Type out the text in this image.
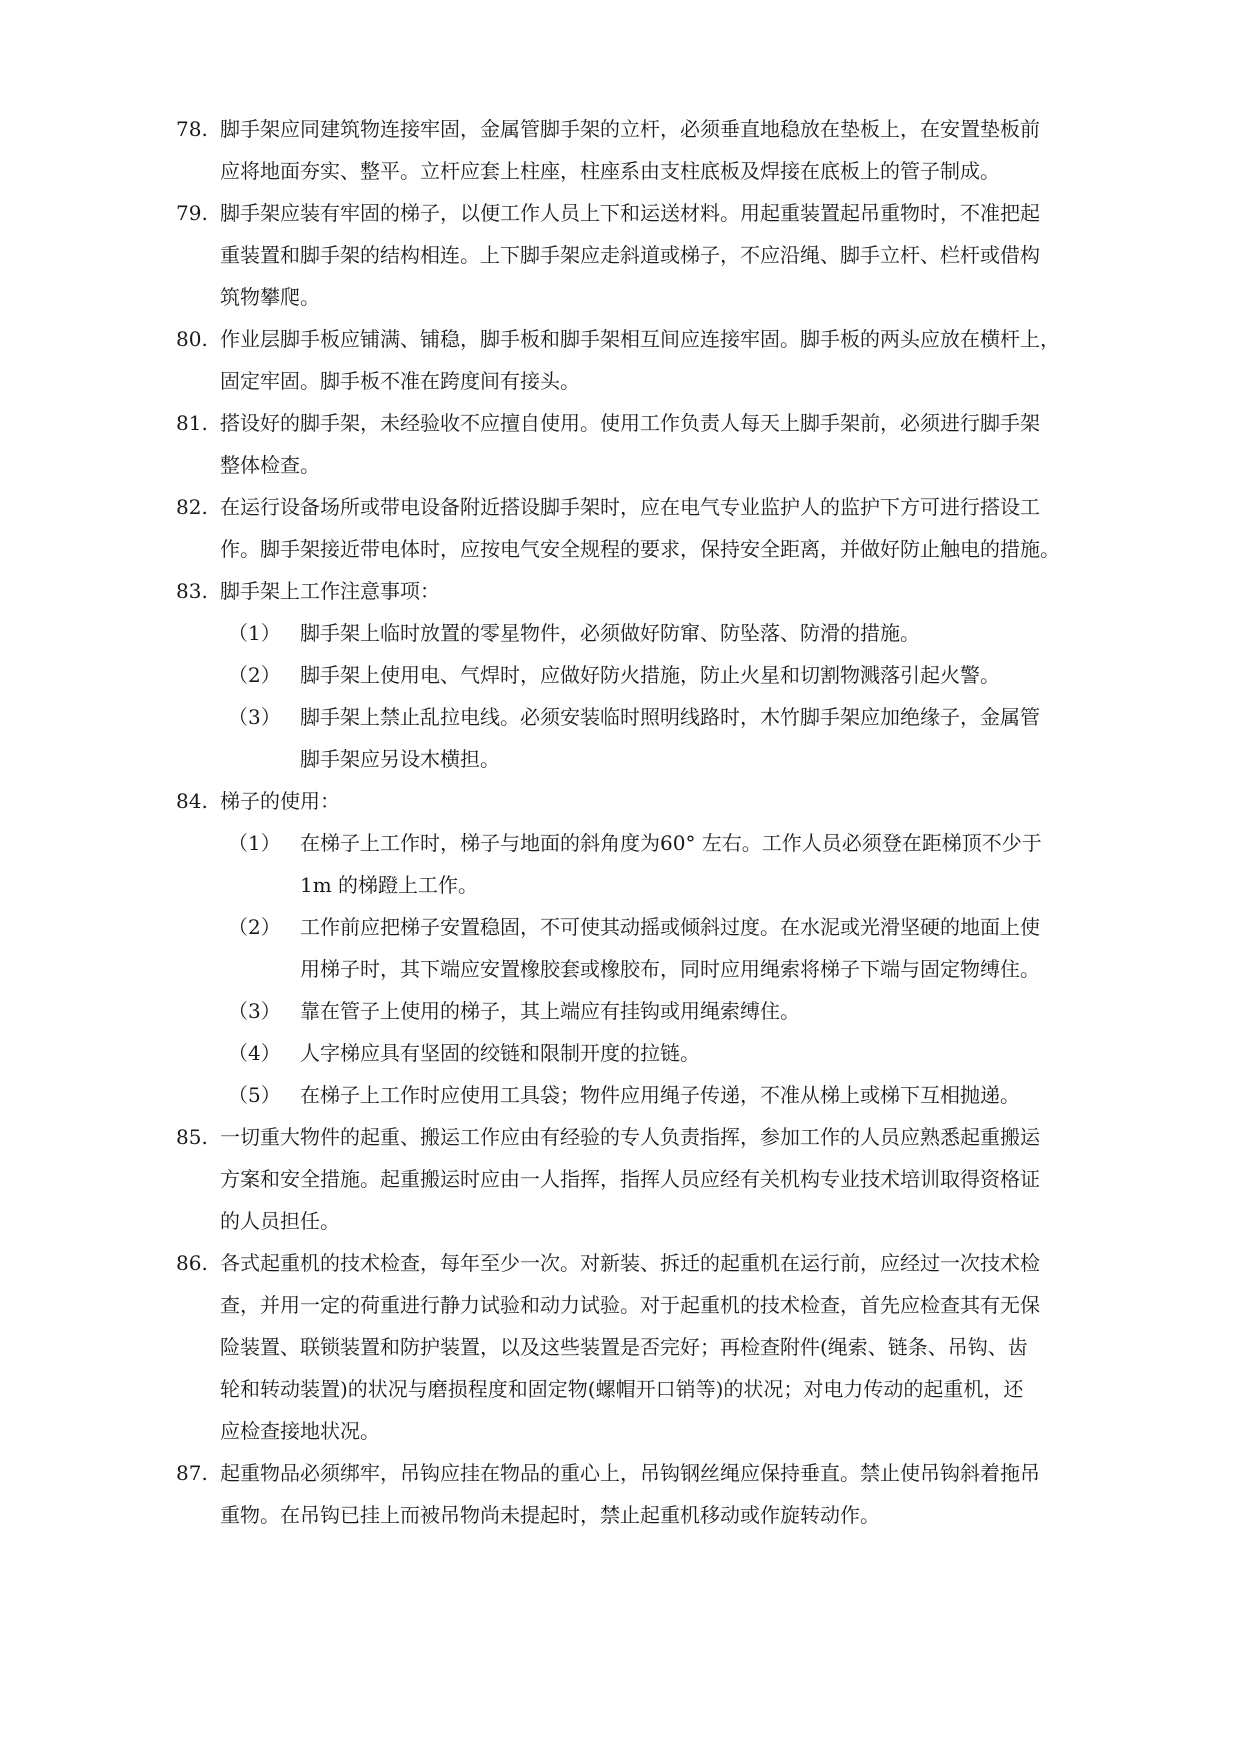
78. 脚手架应同建筑物连接牢固，金属管脚手架的立杆，必须垂直地稳放在垫板上，在安置垫板前
应将地面夯实、整平。立杆应套上柱座，柱座系由支柱底板及焊接在底板上的管子制成。
79. 脚手架应装有牢固的梯子，以便工作人员上下和运送材料。用起重装置起吊重物时，不准把起
重装置和脚手架的结构相连。上下脚手架应走斜道或梯子，不应沿绳、脚手立杆、栏杆或借构
筑物攀爬。
80. 作业层脚手板应铺满、铺稳，脚手板和脚手架相互间应连接牢固。脚手板的两头应放在横杆上，
固定牢固。脚手板不准在跨度间有接头。
81. 搭设好的脚手架，未经验收不应擅自使用。使用工作负责人每天上脚手架前，必须进行脚手架
整体检查。
82. 在运行设备场所或带电设备附近搭设脚手架时，应在电气专业监护人的监护下方可进行搭设工
作。脚手架接近带电体时，应按电气安全规程的要求，保持安全距离，并做好防止触电的措施。
83. 脚手架上工作注意事项：
（1） 脚手架上临时放置的零星物件，必须做好防窜、防坠落、防滑的措施。
（2） 脚手架上使用电、气焊时，应做好防火措施，防止火星和切割物溅落引起火警。
（3） 脚手架上禁止乱拉电线。必须安装临时照明线路时，木竹脚手架应加绝缘子，金属管
脚手架应另设木横担。
84. 梯子的使用：
（1） 在梯子上工作时，梯子与地面的斜角度为60° 左右。工作人员必须登在距梯顶不少于
1m 的梯蹬上工作。
（2） 工作前应把梯子安置稳固，不可使其动摇或倾斜过度。在水泥或光滑坚硬的地面上使
用梯子时，其下端应安置橡胶套或橡胶布，同时应用绳索将梯子下端与固定物缚住。
（3） 靠在管子上使用的梯子，其上端应有挂钩或用绳索缚住。
（4） 人字梯应具有坚固的绞链和限制开度的拉链。
（5） 在梯子上工作时应使用工具袋；物件应用绳子传递，不准从梯上或梯下互相抛递。
85. 一切重大物件的起重、搬运工作应由有经验的专人负责指挥，参加工作的人员应熟悉起重搬运
方案和安全措施。起重搬运时应由一人指挥，指挥人员应经有关机构专业技术培训取得资格证
的人员担任。
86. 各式起重机的技术检查，每年至少一次。对新装、拆迁的起重机在运行前，应经过一次技术检
查，并用一定的荷重进行静力试验和动力试验。对于起重机的技术检查，首先应检查其有无保
险装置、联锁装置和防护装置，以及这些装置是否完好；再检查附件(绳索、链条、吊钩、齿
轮和转动装置)的状况与磨损程度和固定物(螺帽开口销等)的状况；对电力传动的起重机，还
应检查接地状况。
87. 起重物品必须绑牢，吊钩应挂在物品的重心上，吊钩钢丝绳应保持垂直。禁止使吊钩斜着拖吊
重物。在吊钩已挂上而被吊物尚未提起时，禁止起重机移动或作旋转动作。
